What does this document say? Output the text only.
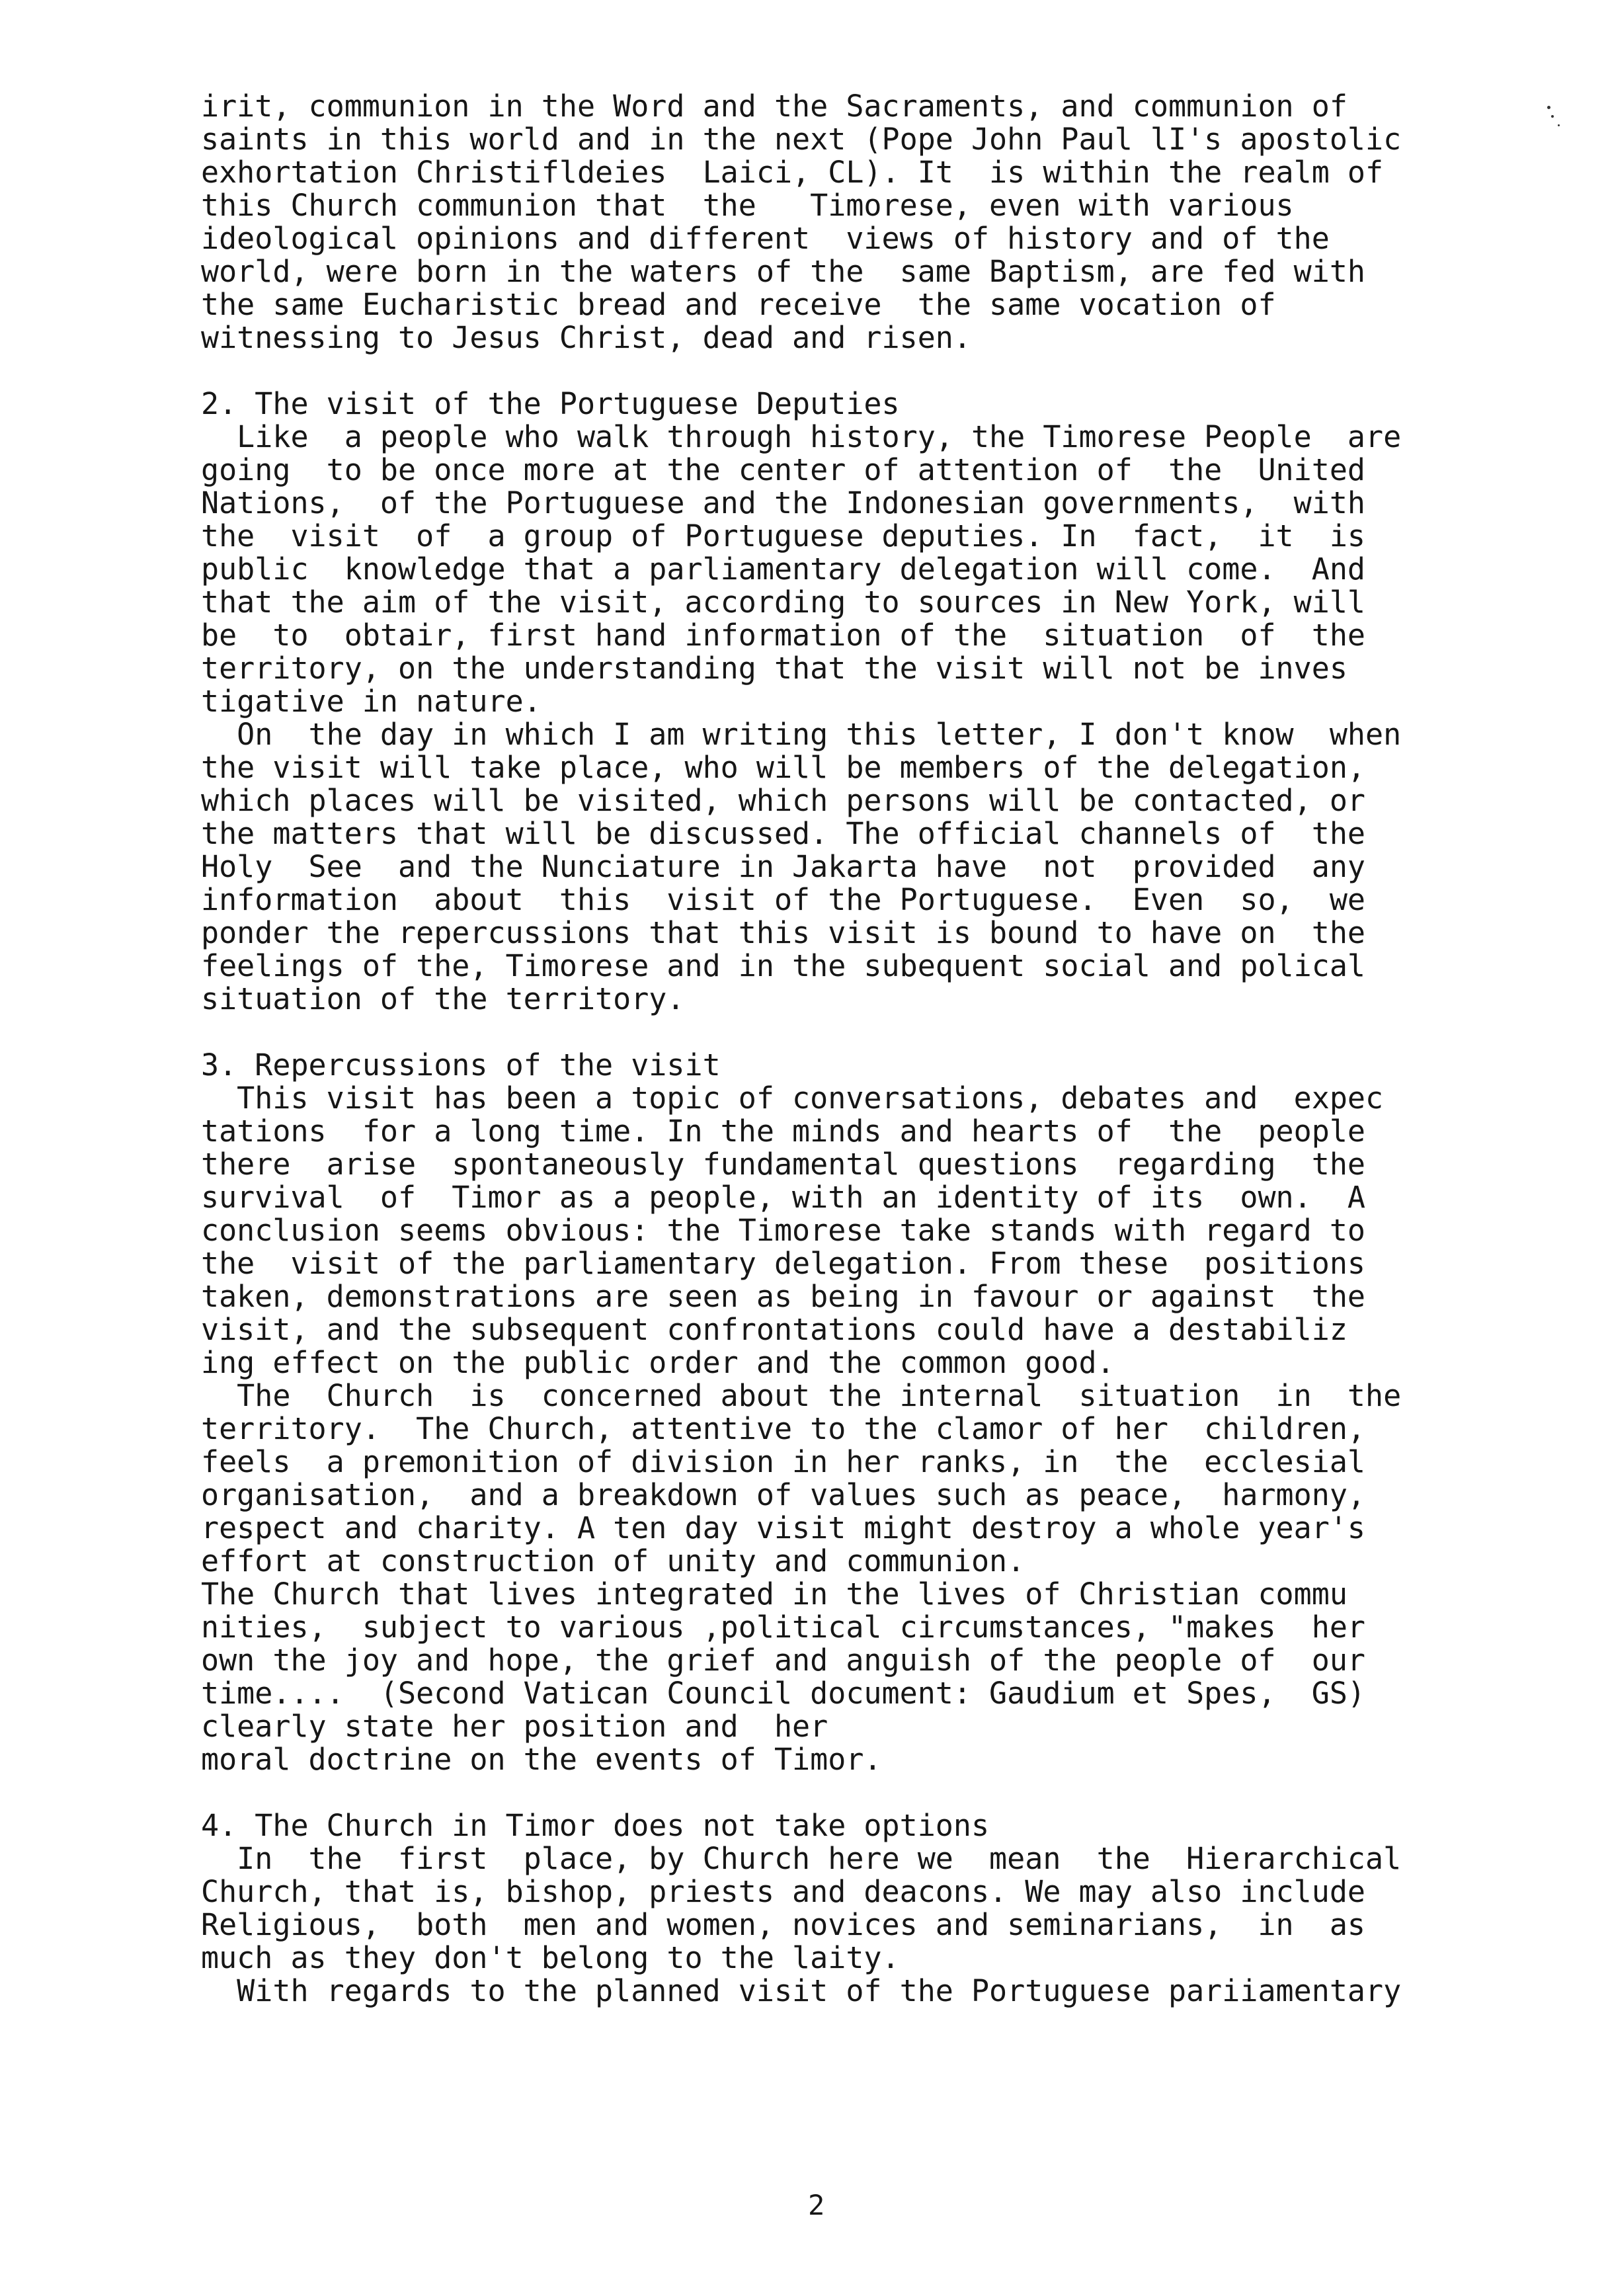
irit, communion in the Word and the Sacraments, and communion of
saints in this world and in the next (Pope John Paul lI's apostolic
exhortation Christifldeies  Laici, CL). It  is within the realm of
this Church communion that  the   Timorese, even with various
ideological opinions and different  views of history and of the
world, were born in the waters of the  same Baptism, are fed with
the same Eucharistic bread and receive  the same vocation of
witnessing to Jesus Christ, dead and risen.
2. The visit of the Portuguese Deputies
Like  a people who walk through history, the Timorese People  are
going  to be once more at the center of attention of  the  United
Nations,  of the Portuguese and the Indonesian governments,  with
the  visit  of  a group of Portuguese deputies. In  fact,  it  is
public  knowledge that a parliamentary delegation will come.  And
that the aim of the visit, according to sources in New York, will
be  to  obtair, first hand information of the  situation  of  the
territory, on the understanding that the visit will not be inves
tigative in nature.
On  the day in which I am writing this letter, I don't know  when
the visit will take place, who will be members of the delegation,
which places will be visited, which persons will be contacted, or
the matters that will be discussed. The official channels of  the
Holy  See  and the Nunciature in Jakarta have  not  provided  any
information  about  this  visit of the Portuguese.  Even  so,  we
ponder the repercussions that this visit is bound to have on  the
feelings of the, Timorese and in the subequent social and polical
situation of the territory.
3. Repercussions of the visit
This visit has been a topic of conversations, debates and  expec
tations  for a long time. In the minds and hearts of  the  people
there  arise  spontaneously fundamental questions  regarding  the
survival  of  Timor as a people, with an identity of its  own.  A
conclusion seems obvious: the Timorese take stands with regard to
the  visit of the parliamentary delegation. From these  positions
taken, demonstrations are seen as being in favour or against  the
visit, and the subsequent confrontations could have a destabiliz
ing effect on the public order and the common good.
The  Church  is  concerned about the internal  situation  in  the
territory.  The Church, attentive to the clamor of her  children,
feels  a premonition of division in her ranks, in  the  ecclesial
organisation,  and a breakdown of values such as peace,  harmony,
respect and charity. A ten day visit might destroy a whole year's
effort at construction of unity and communion.
The Church that lives integrated in the lives of Christian commu
nities,  subject to various ,political circumstances, "makes  her
own the joy and hope, the grief and anguish of the people of  our
time....  (Second Vatican Council document: Gaudium et Spes,  GS)
clearly state her position and  her
moral doctrine on the events of Timor.
4. The Church in Timor does not take options
In  the  first  place, by Church here we  mean  the  Hierarchical
Church, that is, bishop, priests and deacons. We may also include
Religious,  both  men and women, novices and seminarians,  in  as
much as they don't belong to the laity.
With regards to the planned visit of the Portuguese pariiamentary
2
